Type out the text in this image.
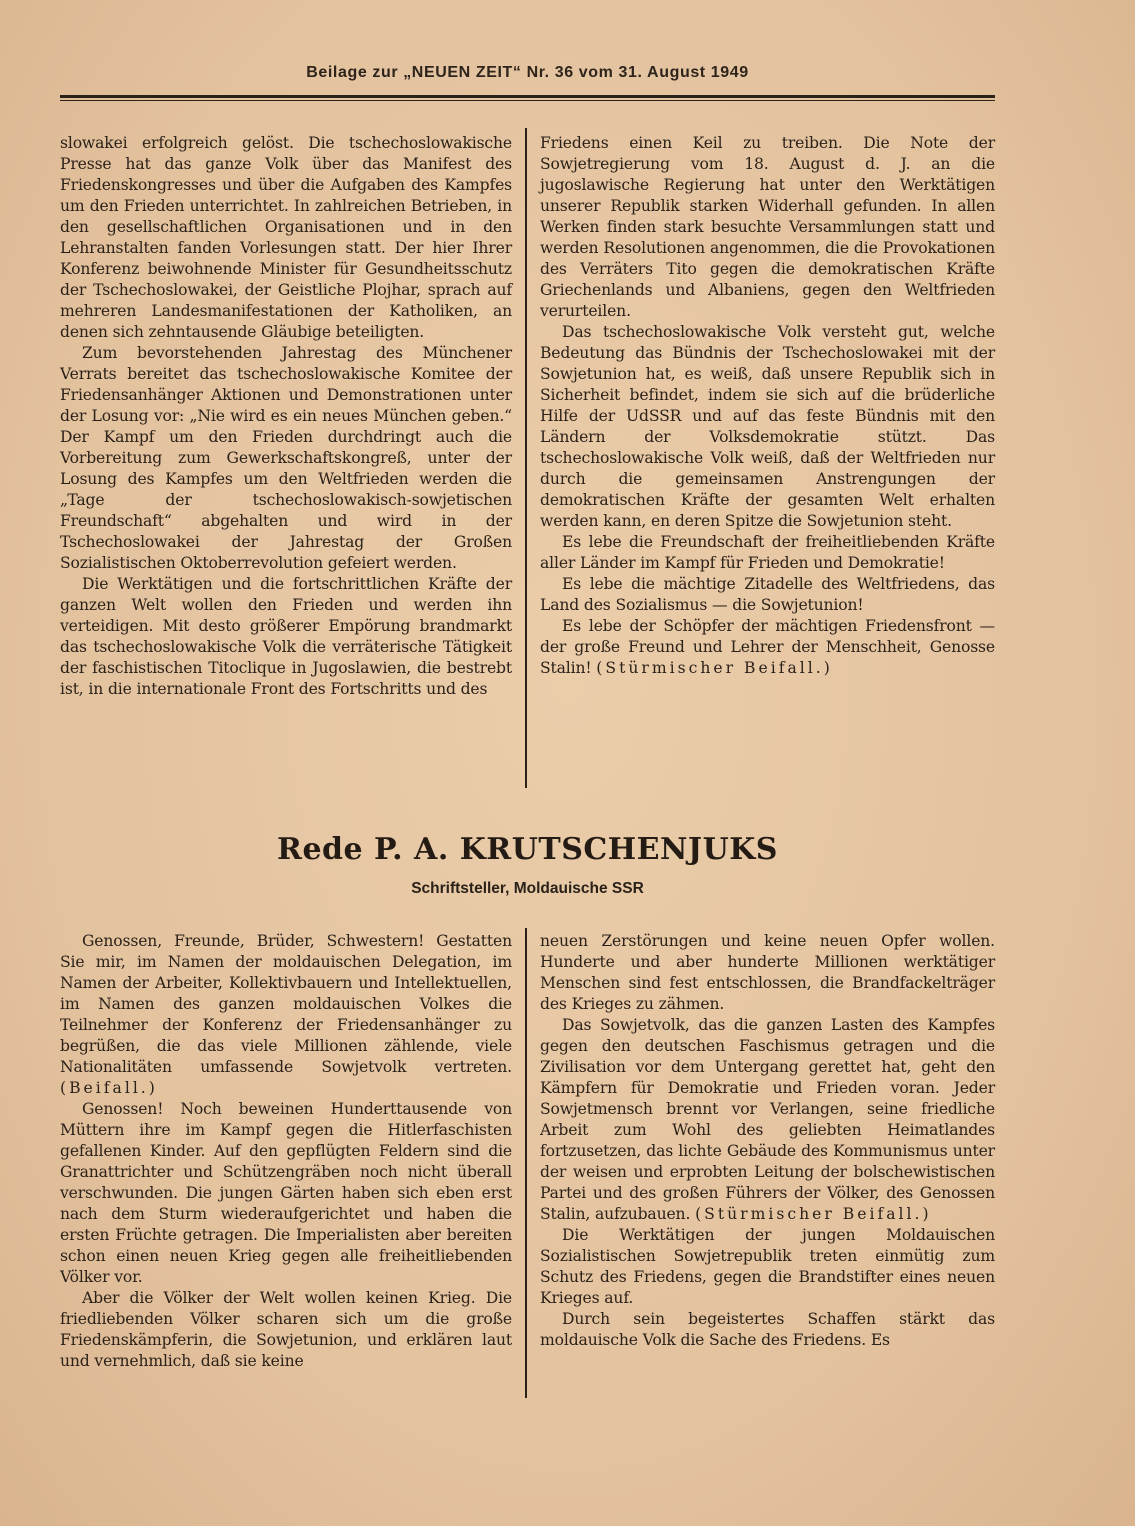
Beilage zur „NEUEN ZEIT“ Nr. 36 vom 31. August 1949

slowakei erfolgreich gelöst. Die tschechoslowakische Presse hat das ganze Volk über das Manifest des Friedenskongresses und über die Aufgaben des Kampfes um den Frieden unterrichtet. In zahlreichen Betrieben, in den gesellschaftlichen Organisationen und in den Lehranstalten fanden Vorlesungen statt. Der hier Ihrer Konferenz beiwohnende Minister für Gesundheitsschutz der Tschechoslowakei, der Geistliche Plojhar, sprach auf mehreren Landesmanifestationen der Katholiken, an denen sich zehntausende Gläubige beteiligten.

Zum bevorstehenden Jahrestag des Münchener Verrats bereitet das tschechoslowakische Komitee der Friedensanhänger Aktionen und Demonstrationen unter der Losung vor: „Nie wird es ein neues München geben.“ Der Kampf um den Frieden durchdringt auch die Vorbereitung zum Gewerkschaftskongreß, unter der Losung des Kampfes um den Weltfrieden werden die „Tage der tschechoslowakisch-sowjetischen Freundschaft“ abgehalten und wird in der Tschechoslowakei der Jahrestag der Großen Sozialistischen Oktoberrevolution gefeiert werden.

Die Werktätigen und die fortschrittlichen Kräfte der ganzen Welt wollen den Frieden und werden ihn verteidigen. Mit desto größerer Empörung brandmarkt das tschechoslowakische Volk die verräterische Tätigkeit der faschistischen Titoclique in Jugoslawien, die bestrebt ist, in die internationale Front des Fortschritts und des

Friedens einen Keil zu treiben. Die Note der Sowjetregierung vom 18. August d. J. an die jugoslawische Regierung hat unter den Werktätigen unserer Republik starken Widerhall gefunden. In allen Werken finden stark besuchte Versammlungen statt und werden Resolutionen angenommen, die die Provokationen des Verräters Tito gegen die demokratischen Kräfte Griechenlands und Albaniens, gegen den Weltfrieden verurteilen.

Das tschechoslowakische Volk versteht gut, welche Bedeutung das Bündnis der Tschechoslowakei mit der Sowjetunion hat, es weiß, daß unsere Republik sich in Sicherheit befindet, indem sie sich auf die brüderliche Hilfe der UdSSR und auf das feste Bündnis mit den Ländern der Volksdemokratie stützt. Das tschechoslowakische Volk weiß, daß der Weltfrieden nur durch die gemeinsamen Anstrengungen der demokratischen Kräfte der gesamten Welt erhalten werden kann, en deren Spitze die Sowjetunion steht.

Es lebe die Freundschaft der freiheitliebenden Kräfte aller Länder im Kampf für Frieden und Demokratie!

Es lebe die mächtige Zitadelle des Weltfriedens, das Land des Sozialismus — die Sowjetunion!

Es lebe der Schöpfer der mächtigen Friedensfront — der große Freund und Lehrer der Menschheit, Genosse Stalin! (Stürmischer Beifall.)

Rede P. A. KRUTSCHENJUKS
Schriftsteller, Moldauische SSR

Genossen, Freunde, Brüder, Schwestern! Gestatten Sie mir, im Namen der moldauischen Delegation, im Namen der Arbeiter, Kollektivbauern und Intellektuellen, im Namen des ganzen moldauischen Volkes die Teilnehmer der Konferenz der Friedensanhänger zu begrüßen, die das viele Millionen zählende, viele Nationalitäten umfassende Sowjetvolk vertreten. (Beifall.)

Genossen! Noch beweinen Hunderttausende von Müttern ihre im Kampf gegen die Hitlerfaschisten gefallenen Kinder. Auf den gepflügten Feldern sind die Granattrichter und Schützengräben noch nicht überall verschwunden. Die jungen Gärten haben sich eben erst nach dem Sturm wiederaufgerichtet und haben die ersten Früchte getragen. Die Imperialisten aber bereiten schon einen neuen Krieg gegen alle freiheitliebenden Völker vor.

Aber die Völker der Welt wollen keinen Krieg. Die friedliebenden Völker scharen sich um die große Friedenskämpferin, die Sowjetunion, und erklären laut und vernehmlich, daß sie keine

neuen Zerstörungen und keine neuen Opfer wollen. Hunderte und aber hunderte Millionen werktätiger Menschen sind fest entschlossen, die Brandfackelträger des Krieges zu zähmen.

Das Sowjetvolk, das die ganzen Lasten des Kampfes gegen den deutschen Faschismus getragen und die Zivilisation vor dem Untergang gerettet hat, geht den Kämpfern für Demokratie und Frieden voran. Jeder Sowjetmensch brennt vor Verlangen, seine friedliche Arbeit zum Wohl des geliebten Heimatlandes fortzusetzen, das lichte Gebäude des Kommunismus unter der weisen und erprobten Leitung der bolschewistischen Partei und des großen Führers der Völker, des Genossen Stalin, aufzubauen. (Stürmischer Beifall.)

Die Werktätigen der jungen Moldauischen Sozialistischen Sowjetrepublik treten einmütig zum Schutz des Friedens, gegen die Brandstifter eines neuen Krieges auf.

Durch sein begeistertes Schaffen stärkt das moldauische Volk die Sache des Friedens. Es
